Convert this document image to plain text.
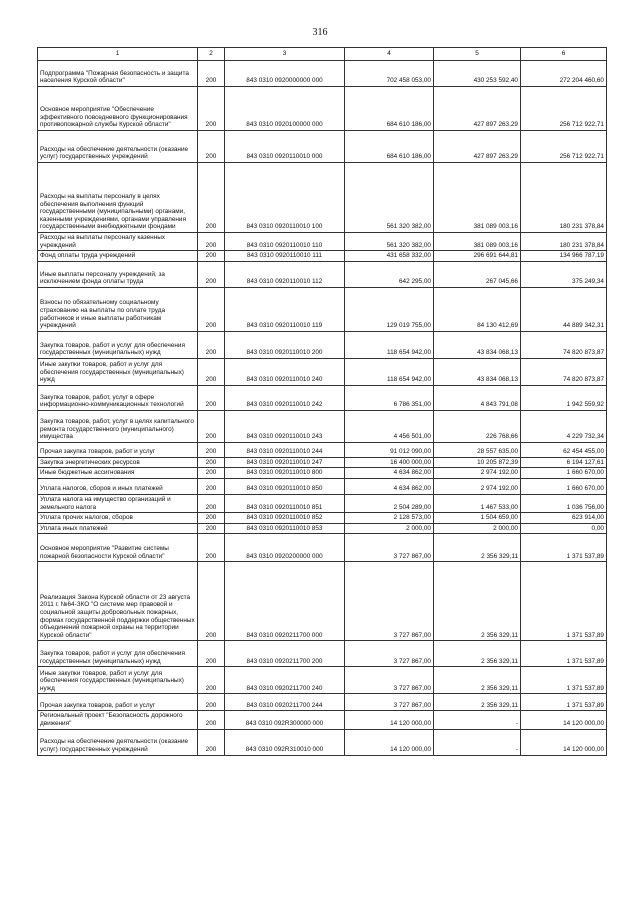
316
1	2	3	4	5	6
Подпрограмма "Пожарная безопасность и защита населения Курской области"	200	843 0310 0920000000 000	702 458 053,00	430 253 592,40	272 204 460,60
Основное мероприятие "Обеспечение эффективного повседневного функционирования противопожарной службы Курской области"	200	843 0310 0920100000 000	684 610 186,00	427 897 263,29	256 712 922,71
Расходы на обеспечение деятельности (оказание услуг) государственных учреждений	200	843 0310 0920110010 000	684 610 186,00	427 897 263,29	256 712 922,71
Расходы на выплаты персоналу в целях обеспечения выполнения функций государственными (муниципальными) органами, казенными учреждениями, органами управления государственными внебюджетными фондами	200	843 0310 0920110010 100	561 320 382,00	381 089 003,16	180 231 378,84
Расходы на выплаты персоналу казенных учреждений	200	843 0310 0920110010 110	561 320 382,00	381 089 003,16	180 231 378,84
Фонд оплаты труда учреждений	200	843 0310 0920110010 111	431 658 332,00	296 691 644,81	134 966 787,19
Иные выплаты персоналу учреждений, за исключением фонда оплаты труда	200	843 0310 0920110010 112	642 295,00	267 045,66	375 249,34
Взносы по обязательному социальному страхованию на выплаты по оплате труда работников и иные выплаты работникам учреждений	200	843 0310 0920110010 119	129 019 755,00	84 130 412,69	44 889 342,31
Закупка товаров, работ и услуг для обеспечения государственных (муниципальных) нужд	200	843 0310 0920110010 200	118 654 942,00	43 834 068,13	74 820 873,87
Иные закупки товаров, работ и услуг для обеспечения государственных (муниципальных) нужд	200	843 0310 0920110010 240	118 654 942,00	43 834 068,13	74 820 873,87
Закупка товаров, работ, услуг в сфере информационно-коммуникационных технологий	200	843 0310 0920110010 242	6 786 351,00	4 843 791,08	1 942 559,92
Закупка товаров, работ, услуг в целях капитального ремонта государственного (муниципального) имущества	200	843 0310 0920110010 243	4 456 501,00	226 768,66	4 229 732,34
Прочая закупка товаров, работ и услуг	200	843 0310 0920110010 244	91 012 090,00	28 557 635,00	62 454 455,00
Закупка энергетических ресурсов	200	843 0310 0920110010 247	16 400 000,00	10 205 872,39	6 194 127,61
Иные бюджетные ассигнования	200	843 0310 0920110010 800	4 634 862,00	2 974 192,00	1 660 670,00
Уплата налогов, сборов и иных платежей	200	843 0310 0920110010 850	4 634 862,00	2 974 192,00	1 660 670,00
Уплата налога на имущество организаций и земельного налога	200	843 0310 0920110010 851	2 504 289,00	1 467 533,00	1 036 756,00
Уплата прочих налогов, сборов	200	843 0310 0920110010 852	2 128 573,00	1 504 659,00	623 914,00
Уплата иных платежей	200	843 0310 0920110010 853	2 000,00	2 000,00	0,00
Основное мероприятие "Развитие системы пожарной безопасности Курской области"	200	843 0310 0920200000 000	3 727 867,00	2 356 329,11	1 371 537,89
Реализация Закона Курской области от 23 августа 2011 г. №64-ЗКО "О системе мер правовой и социальной защиты добровольных пожарных, формах государственной поддержки общественных объединений пожарной охраны на территории Курской области"	200	843 0310 0920211700 000	3 727 867,00	2 356 329,11	1 371 537,89
Закупка товаров, работ и услуг для обеспечения государственных (муниципальных) нужд	200	843 0310 0920211700 200	3 727 867,00	2 356 329,11	1 371 537,89
Иные закупки товаров, работ и услуг для обеспечения государственных (муниципальных) нужд	200	843 0310 0920211700 240	3 727 867,00	2 356 329,11	1 371 537,89
Прочая закупка товаров, работ и услуг	200	843 0310 0920211700 244	3 727 867,00	2 356 329,11	1 371 537,89
Региональный проект "Безопасность дорожного движения"	200	843 0310 092R300000 000	14 120 000,00	-	14 120 000,00
Расходы на обеспечение деятельности (оказание услуг) государственных учреждений	200	843 0310 092R310010 000	14 120 000,00	-	14 120 000,00
